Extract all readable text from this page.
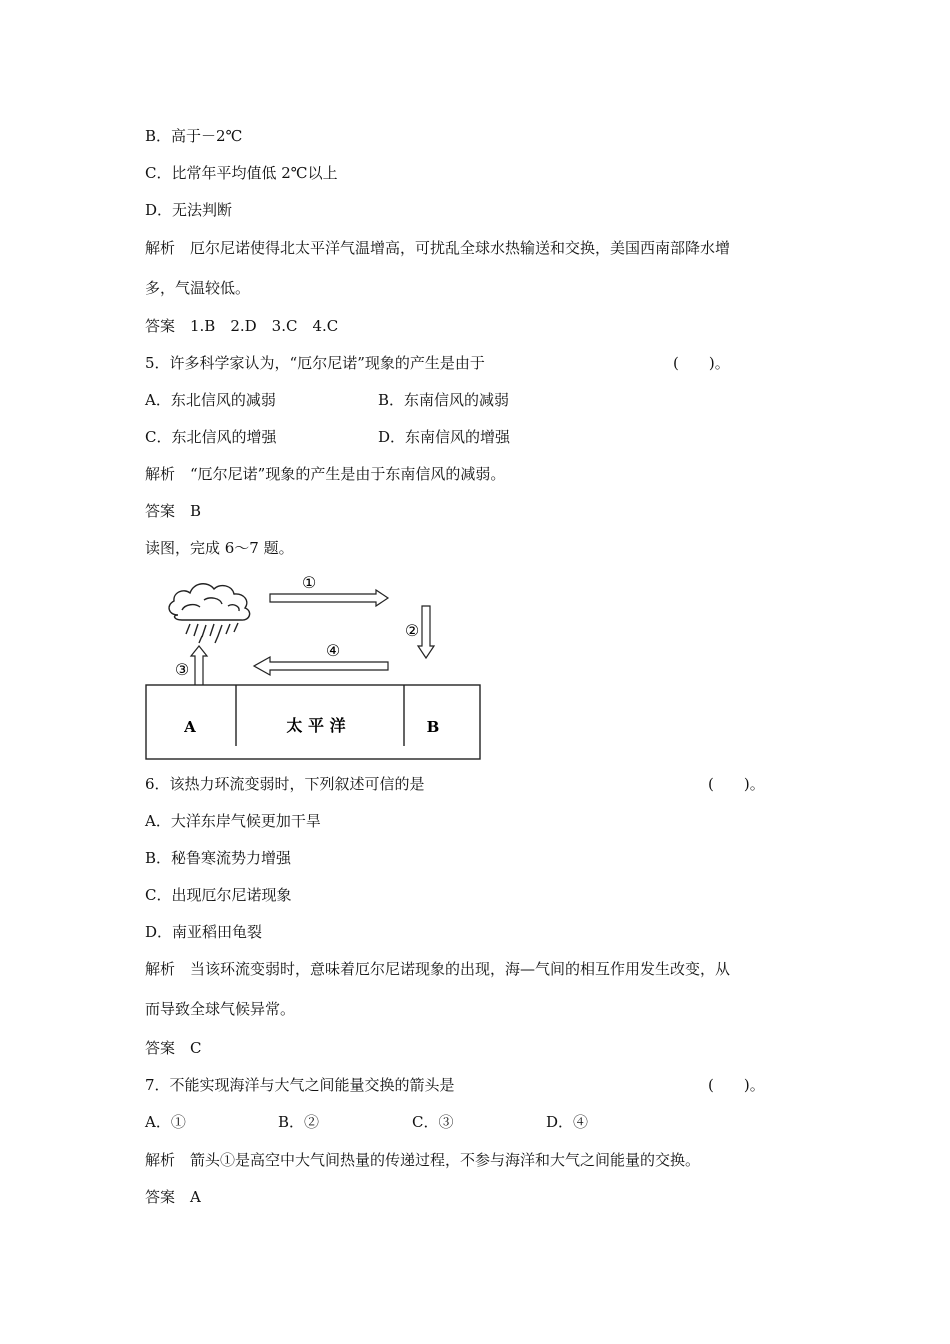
B．高于－2℃
C．比常年平均值低 2℃以上
D．无法判断
解析　厄尔尼诺使得北太平洋气温增高，可扰乱全球水热输送和交换，美国西南部降水增
多，气温较低。
答案　1.B　2.D　3.C　4.C
5．许多科学家认为，“厄尔尼诺”现象的产生是由于	(　　)。
A．东北信风的减弱	B．东南信风的减弱
C．东北信风的增强	D．东南信风的增强
解析　“厄尔尼诺”现象的产生是由于东南信风的减弱。
答案　B
读图，完成 6～7 题。
①
②
④
③
A	太 平 洋	B
6．该热力环流变弱时，下列叙述可信的是	(　　)。
A．大洋东岸气候更加干旱
B．秘鲁寒流势力增强
C．出现厄尔尼诺现象
D．南亚稻田龟裂
解析　当该环流变弱时，意味着厄尔尼诺现象的出现，海—气间的相互作用发生改变，从
而导致全球气候异常。
答案　C
7．不能实现海洋与大气之间能量交换的箭头是	(　　)。
A．①	B．②	C．③	D．④
解析　箭头①是高空中大气间热量的传递过程，不参与海洋和大气之间能量的交换。
答案　A
